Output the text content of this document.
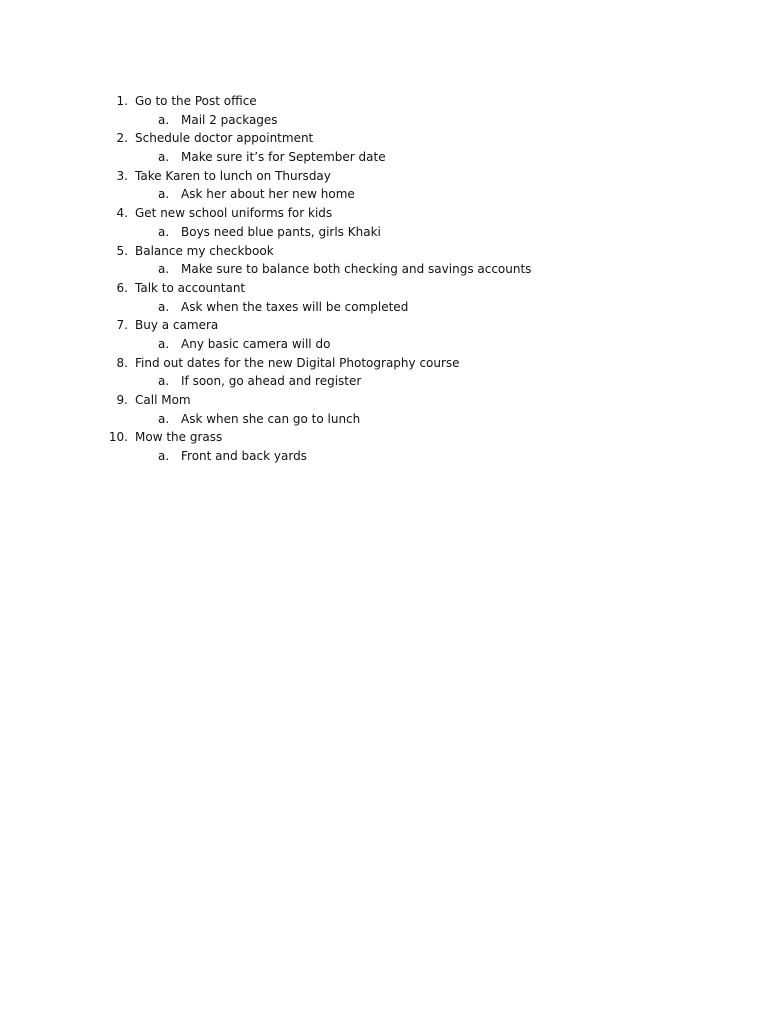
1. Go to the Post office
a. Mail 2 packages
2. Schedule doctor appointment
a. Make sure it’s for September date
3. Take Karen to lunch on Thursday
a. Ask her about her new home
4. Get new school uniforms for kids
a. Boys need blue pants, girls Khaki
5. Balance my checkbook
a. Make sure to balance both checking and savings accounts
6. Talk to accountant
a. Ask when the taxes will be completed
7. Buy a camera
a. Any basic camera will do
8. Find out dates for the new Digital Photography course
a. If soon, go ahead and register
9. Call Mom
a. Ask when she can go to lunch
10. Mow the grass
a. Front and back yards
